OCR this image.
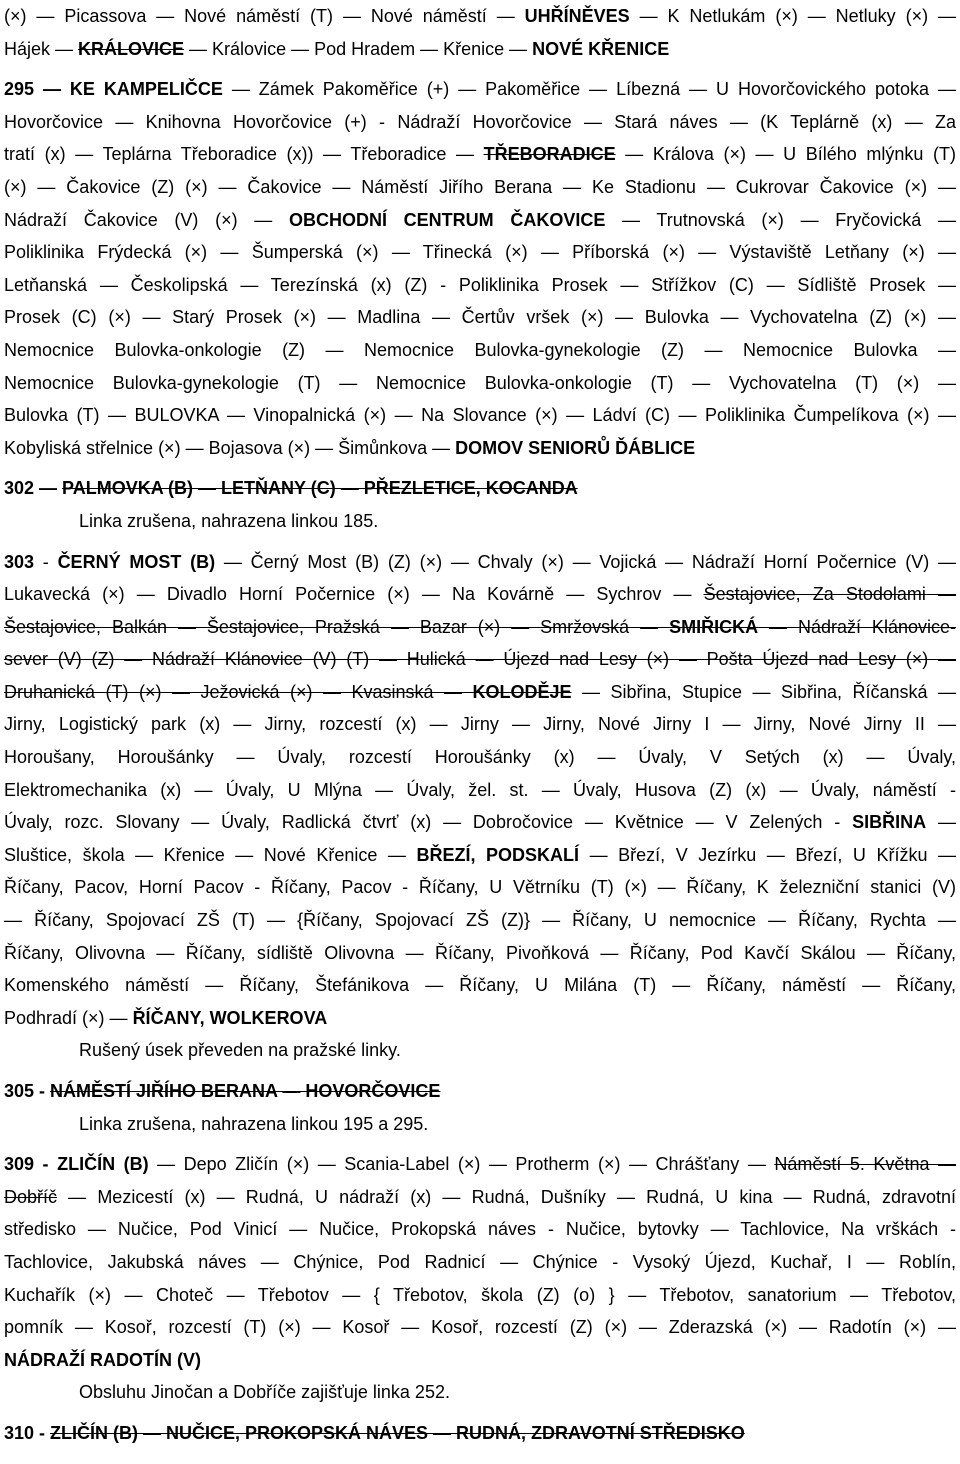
(×) — Picassova — Nové náměstí (T) — Nové náměstí — UHŘÍNĚVES — K Netlukám (×) — Netluky (×) —
Hájek — KRÁLOVICE — Královice — Pod Hradem — Křenice — NOVÉ KŘENICE
295 — KE KAMPELIČCE — Zámek Pakoměřice (+) — Pakoměřice — Líbezná — U Hovorčovického potoka —
Hovorčovice — Knihovna Hovorčovice (+) - Nádraží Hovorčovice — Stará náves — (K Teplárně (x) — Za
tratí (x) — Teplárna Třeboradice (x)) — Třeboradice — TŘEBORADICE — Králova (×) — U Bílého mlýnku (T)
(×) — Čakovice (Z) (×) — Čakovice — Náměstí Jiřího Berana — Ke Stadionu — Cukrovar Čakovice (×) —
Nádraží Čakovice (V) (×) — OBCHODNÍ CENTRUM ČAKOVICE — Trutnovská (×) — Fryčovická —
Poliklinika Frýdecká (×) — Šumperská (×) — Třinecká (×) — Příborská (×) — Výstaviště Letňany (×) —
Letňanská — Českolipská — Terezínská (x) (Z) - Poliklinika Prosek — Střížkov (C) — Sídliště Prosek —
Prosek (C) (×) — Starý Prosek (×) — Madlina — Čertův vršek (×) — Bulovka — Vychovatelna (Z) (×) —
Nemocnice Bulovka-onkologie (Z) — Nemocnice Bulovka-gynekologie (Z) — Nemocnice Bulovka —
Nemocnice Bulovka-gynekologie (T) — Nemocnice Bulovka-onkologie (T) — Vychovatelna (T) (×) —
Bulovka (T) — BULOVKA — Vinopalnická (×) — Na Slovance (×) — Ládví (C) — Poliklinika Čumpelíkova (×) —
Kobyliská střelnice (×) — Bojasova (×) — Šimůnkova — DOMOV SENIORŮ ĎÁBLICE
302 — PALMOVKA (B) — LETŇANY (C) — PŘEZLETICE, KOCANDA
Linka zrušena, nahrazena linkou 185.
303 - ČERNÝ MOST (B) — Černý Most (B) (Z) (×) — Chvaly (×) — Vojická — Nádraží Horní Počernice (V) —
Lukavecká (×) — Divadlo Horní Počernice (×) — Na Kovárně — Sychrov — Šestajovice, Za Stodolami —
Šestajovice, Balkán — Šestajovice, Pražská — Bazar (×) — Smržovská — SMIŘICKÁ — Nádraží Klánovice-
sever (V) (Z) — Nádraží Klánovice (V) (T) — Hulická — Újezd nad Lesy (×) — Pošta Újezd nad Lesy (×) —
Druhanická (T) (×) — Ježovická (×) — Kvasinská — KOLODĚJE — Sibřina, Stupice — Sibřina, Říčanská —
Jirny, Logistický park (x) — Jirny, rozcestí (x) — Jirny — Jirny, Nové Jirny I — Jirny, Nové Jirny II —
Horoušany, Horoušánky — Úvaly, rozcestí Horoušánky (x) — Úvaly, V Setých (x) — Úvaly,
Elektromechanika (x) — Úvaly, U Mlýna — Úvaly, žel. st. — Úvaly, Husova (Z) (x) — Úvaly, náměstí -
Úvaly, rozc. Slovany — Úvaly, Radlická čtvrť (x) — Dobročovice — Květnice — V Zelených - SIBŘINA —
Sluštice, škola — Křenice — Nové Křenice — BŘEZÍ, PODSKALÍ — Březí, V Jezírku — Březí, U Křížku —
Říčany, Pacov, Horní Pacov - Říčany, Pacov - Říčany, U Větrníku (T) (×) — Říčany, K železniční stanici (V)
— Říčany, Spojovací ZŠ (T) — {Říčany, Spojovací ZŠ (Z)} — Říčany, U nemocnice — Říčany, Rychta —
Říčany, Olivovna — Říčany, sídliště Olivovna — Říčany, Pivoňková — Říčany, Pod Kavčí Skálou — Říčany,
Komenského náměstí — Říčany, Štefánikova — Říčany, U Milána (T) — Říčany, náměstí — Říčany,
Podhradí (×) — ŘÍČANY, WOLKEROVA
Rušený úsek převeden na pražské linky.
305 - NÁMĚSTÍ JIŘÍHO BERANA — HOVORČOVICE
Linka zrušena, nahrazena linkou 195 a 295.
309 - ZLIČÍN (B) — Depo Zličín (×) — Scania-Label (×) — Protherm (×) — Chrášťany — Náměstí 5. Května —
Dobříč — Mezicestí (x) — Rudná, U nádraží (x) — Rudná, Dušníky — Rudná, U kina — Rudná, zdravotní
středisko — Nučice, Pod Vinicí — Nučice, Prokopská náves - Nučice, bytovky — Tachlovice, Na vrškách -
Tachlovice, Jakubská náves — Chýnice, Pod Radnicí — Chýnice - Vysoký Újezd, Kuchař, I — Roblín,
Kuchařík (×) — Choteč — Třebotov — { Třebotov, škola (Z) (o) } — Třebotov, sanatorium — Třebotov,
pomník — Kosoř, rozcestí (T) (×) — Kosoř — Kosoř, rozcestí (Z) (×) — Zderazská (×) — Radotín (×) —
NÁDRAŽÍ RADOTÍN (V)
Obsluhu Jinočan a Dobříče zajišťuje linka 252.
310 - ZLIČÍN (B) — NUČICE, PROKOPSKÁ NÁVES — RUDNÁ, ZDRAVOTNÍ STŘEDISKO
